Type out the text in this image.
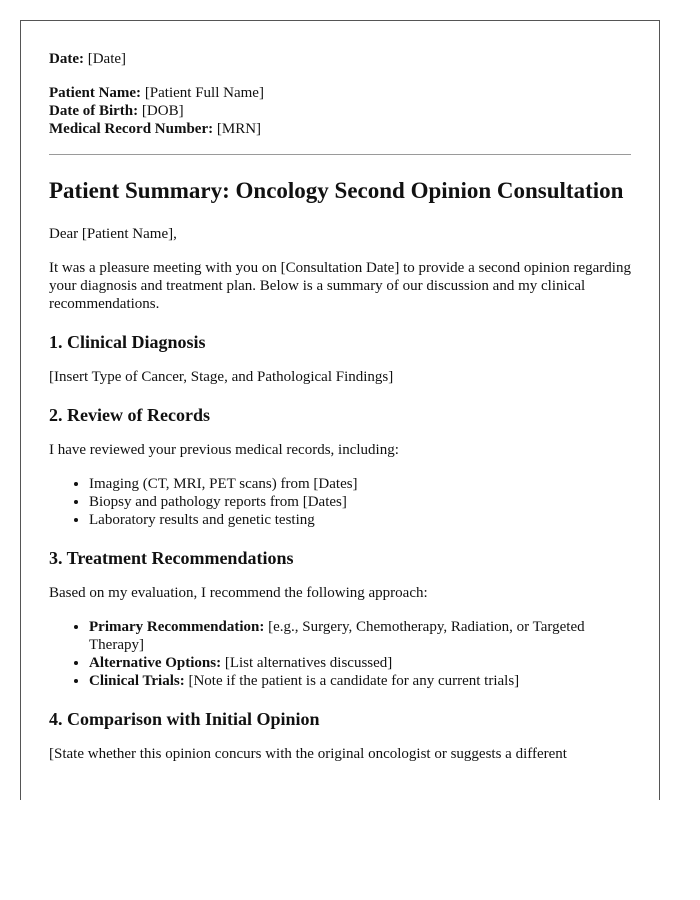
Date: [Date]

Patient Name: [Patient Full Name]

Date of Birth: [DOB]

Medical Record Number: [MRN]

Patient Summary: Oncology Second Opinion Consultation

Dear [Patient Name],

It was a pleasure meeting with you on [Consultation Date] to provide a second opinion regarding your diagnosis and treatment plan. Below is a summary of our discussion and my clinical recommendations.

1. Clinical Diagnosis

[Insert Type of Cancer, Stage, and Pathological Findings]

2. Review of Records

I have reviewed your previous medical records, including:

• Imaging (CT, MRI, PET scans) from [Dates]
• Biopsy and pathology reports from [Dates]
• Laboratory results and genetic testing
3. Treatment Recommendations

Based on my evaluation, I recommend the following approach:

• Primary Recommendation: [e.g., Surgery, Chemotherapy, Radiation, or Targeted Therapy]
• Alternative Options: [List alternatives discussed]
• Clinical Trials: [Note if the patient is a candidate for any current trials]
4. Comparison with Initial Opinion

[State whether this opinion concurs with the original oncologist or suggests a different
